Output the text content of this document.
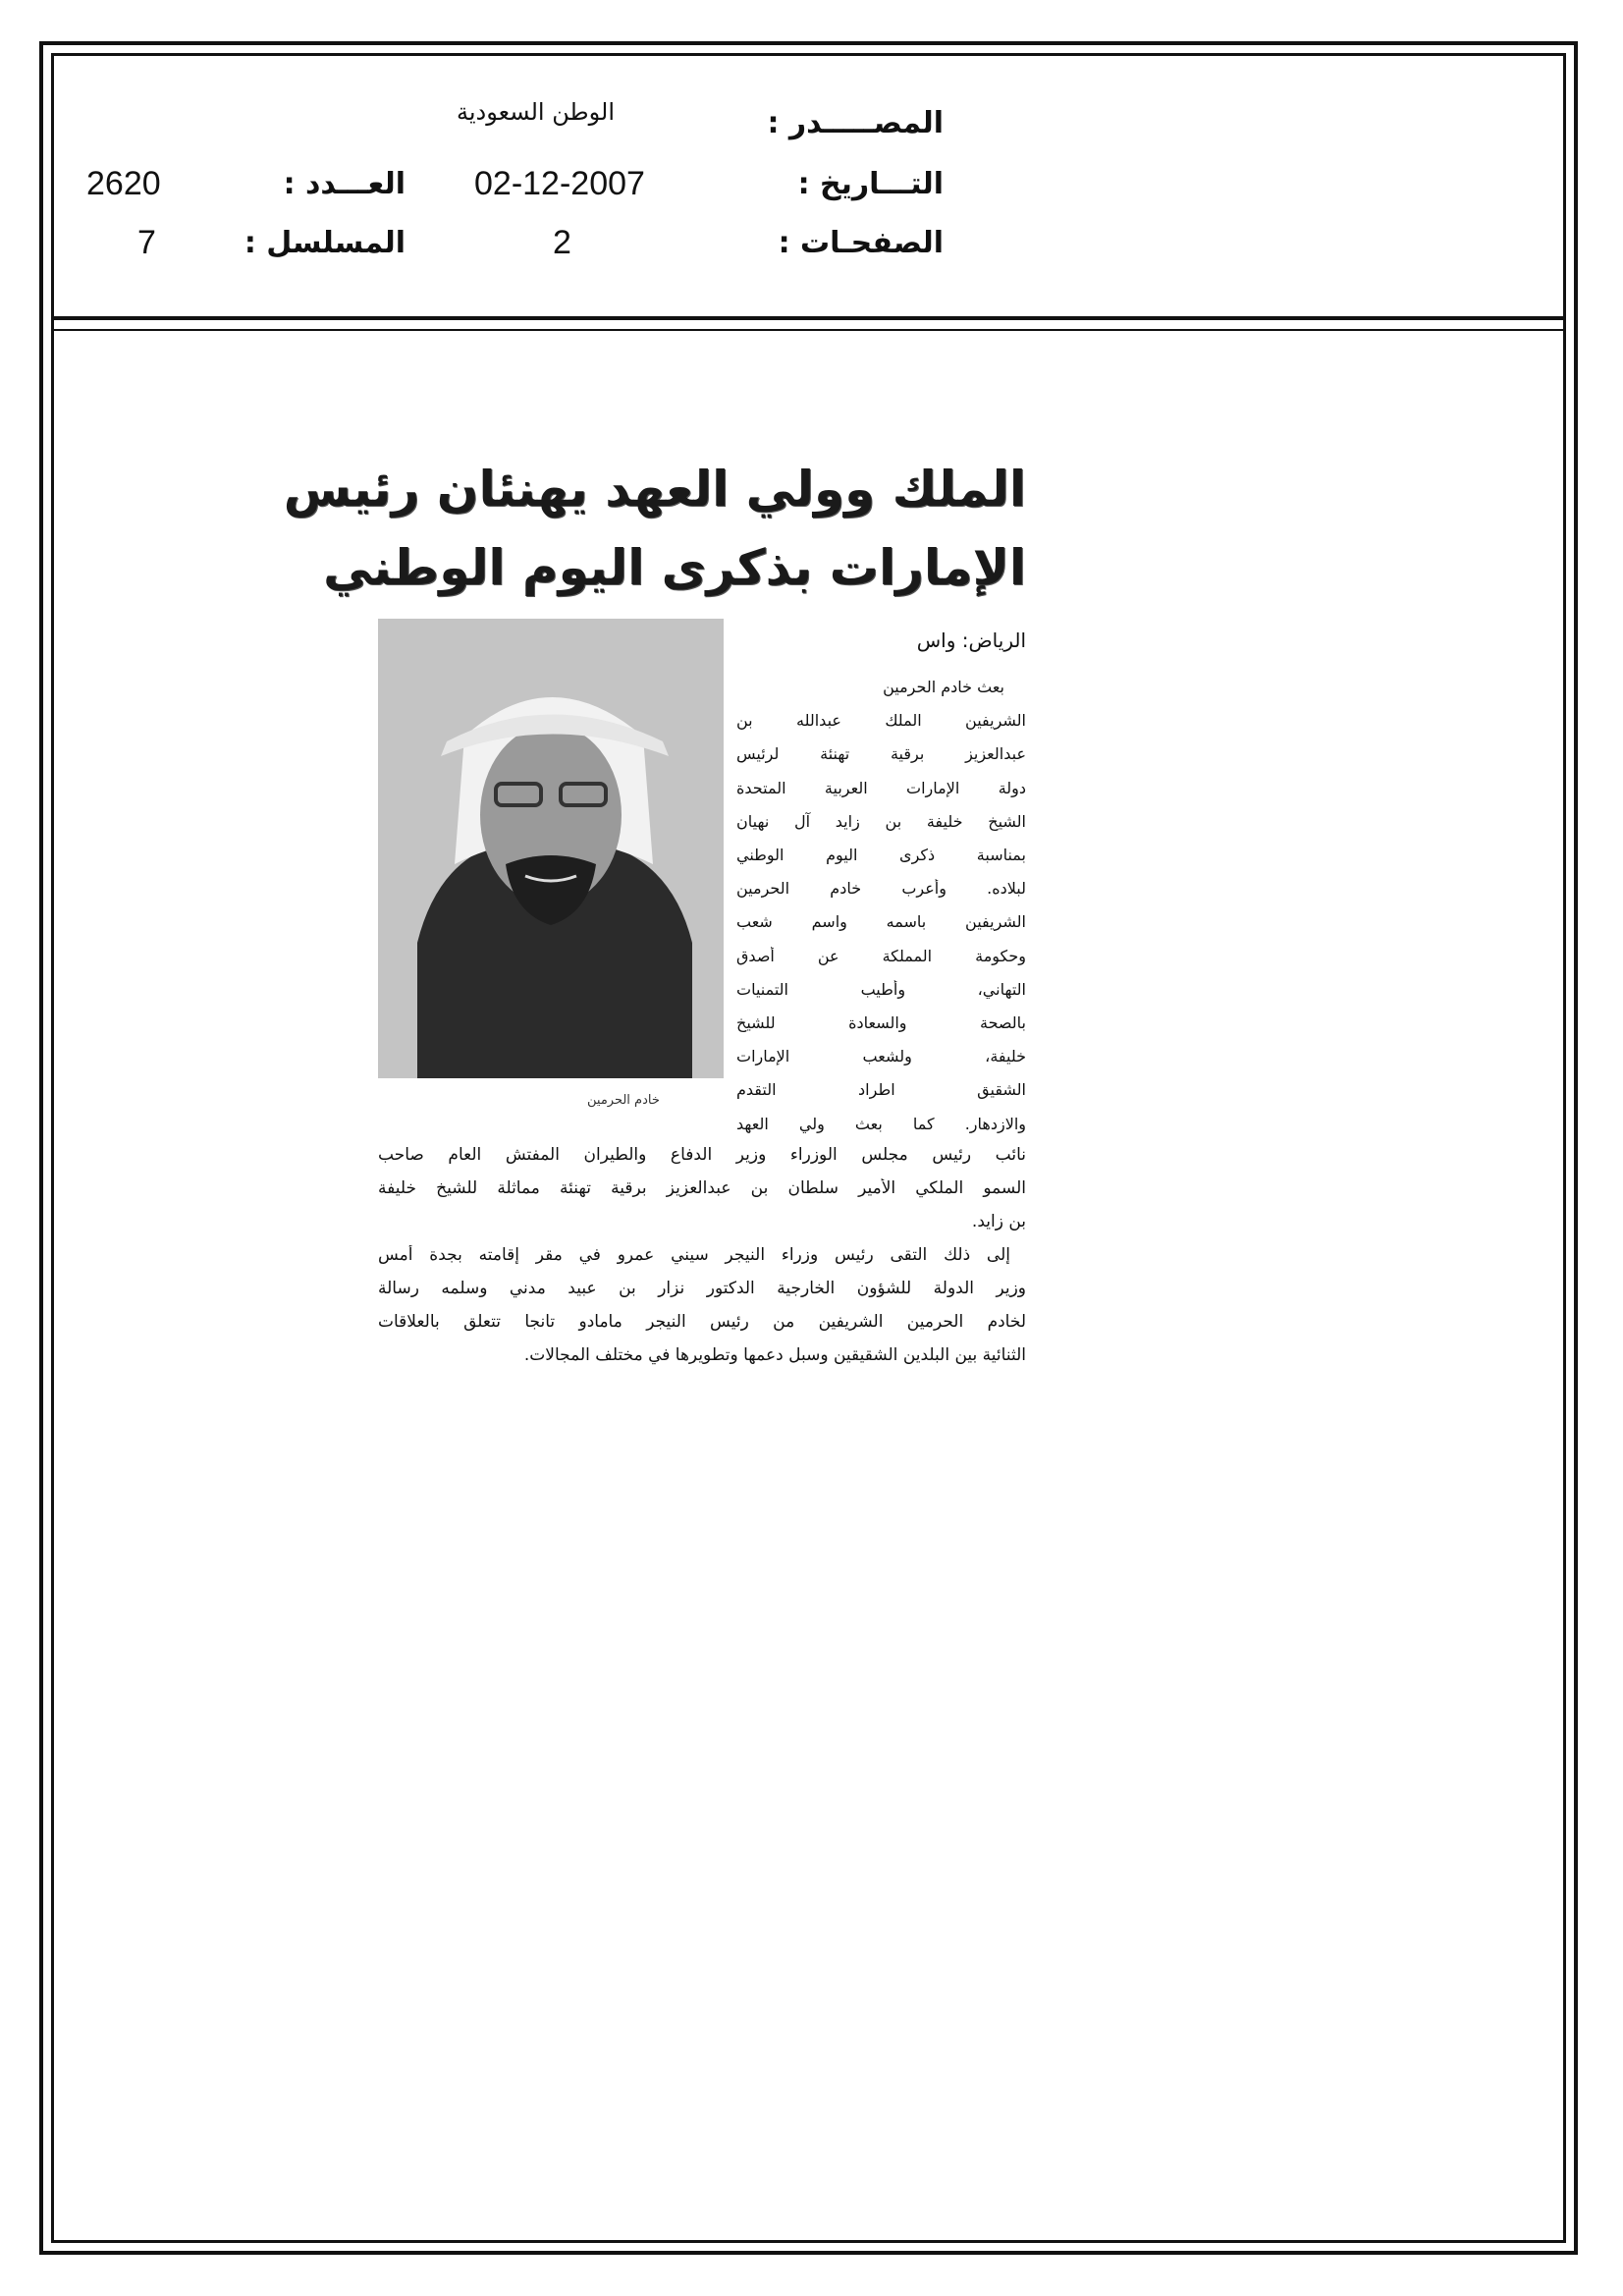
المصـــــدر :
التـــاريخ :
الصفحـات :
العـــدد :
المسلسل :
الوطن السعودية
02-12-2007
2
2620
7
الملك وولي العهد يهنئان رئيس
الإمارات بذكرى اليوم الوطني
خادم الحرمين
الرياض: واس
بعث خادم الحرمين
الشريفين الملك عبدالله بن
عبدالعزيز برقية تهنئة لرئيس
دولة الإمارات العربية المتحدة
الشيخ خليفة بن زايد آل نهيان
بمناسبة ذكرى اليوم الوطني
لبلاده. وأعرب خادم الحرمين
الشريفين باسمه واسم شعب
وحكومة المملكة عن أصدق
التهاني، وأطيب التمنيات
بالصحة والسعادة للشيخ
خليفة، ولشعب الإمارات
الشقيق اطراد التقدم
والازدهار. كما بعث ولي العهد
نائب رئيس مجلس الوزراء وزير الدفاع والطيران المفتش العام صاحب
السمو الملكي الأمير سلطان بن عبدالعزيز برقية تهنئة مماثلة للشيخ خليفة
بن زايد.
إلى ذلك التقى رئيس وزراء النيجر سيني عمرو في مقر إقامته بجدة أمس
وزير الدولة للشؤون الخارجية الدكتور نزار بن عبيد مدني وسلمه رسالة
لخادم الحرمين الشريفين من رئيس النيجر مامادو تانجا تتعلق بالعلاقات
الثنائية بين البلدين الشقيقين وسبل دعمها وتطويرها في مختلف المجالات.
